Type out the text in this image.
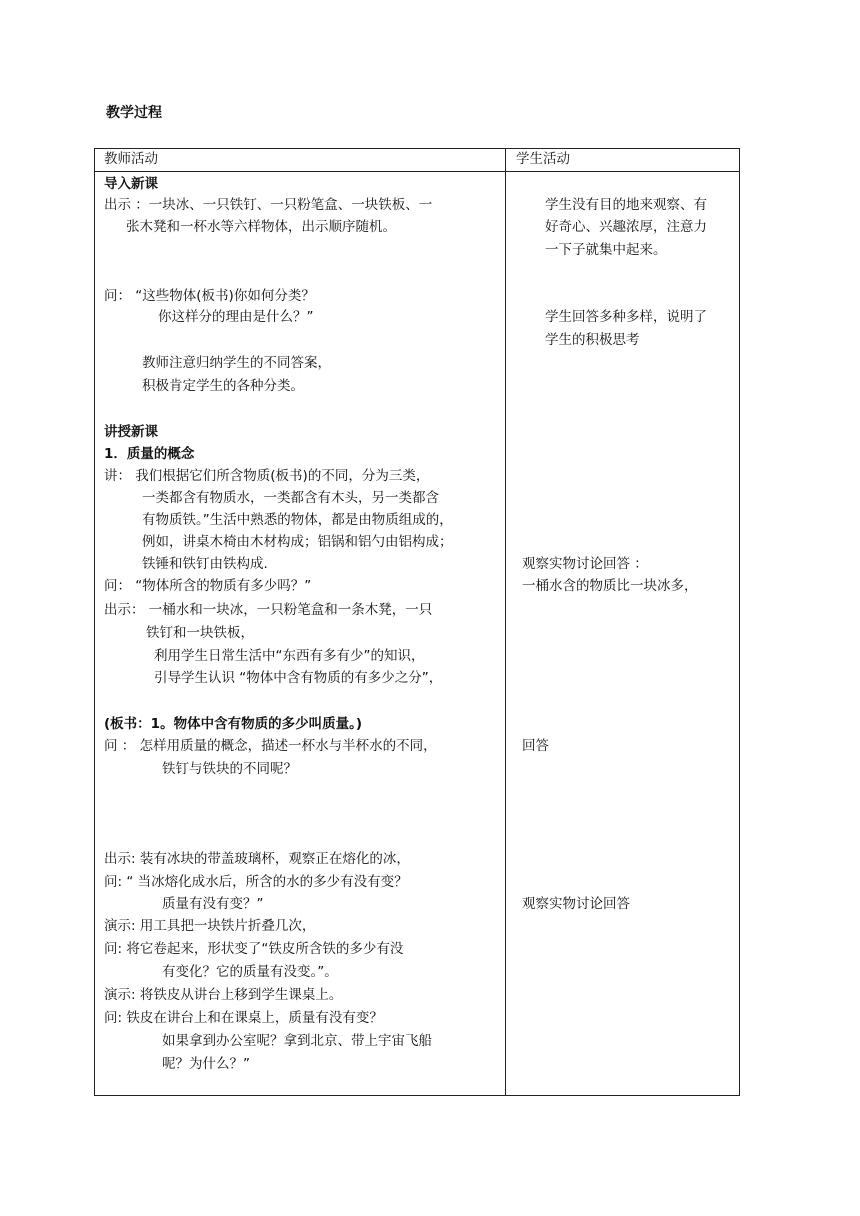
教学过程
教师活动	学生活动
导入新课
出示 ：一块冰、一只铁钉、一只粉笔盒、一块铁板、一
张木凳和一杯水等六样物体，出示顺序随机。
问： “这些物体(板书)你如何分类？
你这样分的理由是什么？”
教师注意归纳学生的不同答案，
积极肯定学生的各种分类。
讲授新课
1．质量的概念
讲： 我们根据它们所含物质(板书)的不同，分为三类，
一类都含有物质水，一类都含有木头，另一类都含
有物质铁。”生活中熟悉的物体，都是由物质组成的，
例如，讲桌木椅由木材构成；铝锅和铝勺由铝构成；
铁锤和铁钉由铁构成.
问： “物体所含的物质有多少吗？”
出示： 一桶水和一块冰，一只粉笔盒和一条木凳，一只
铁钉和一块铁板，
利用学生日常生活中“东西有多有少”的知识，
引导学生认识 “物体中含有物质的有多少之分”，
(板书：1。物体中含有物质的多少叫质量。)
问 ： 怎样用质量的概念，描述一杯水与半杯水的不同，
铁钉与铁块的不同呢？
出示: 装有冰块的带盖玻璃杯，观察正在熔化的冰，
问: “ 当冰熔化成水后，所含的水的多少有没有变？
质量有没有变？”
演示: 用工具把一块铁片折叠几次，
问: 将它卷起来，形状变了“铁皮所含铁的多少有没
有变化？它的质量有没变。”。
演示: 将铁皮从讲台上移到学生课桌上。
问: 铁皮在讲台上和在课桌上，质量有没有变？
如果拿到办公室呢？拿到北京、带上宇宙飞船
呢？为什么？”
学生没有目的地来观察、有
好奇心、兴趣浓厚，注意力
一下子就集中起来。
学生回答多种多样，说明了
学生的积极思考
观察实物讨论回答 ：
一桶水含的物质比一块冰多，
回答
观察实物讨论回答
